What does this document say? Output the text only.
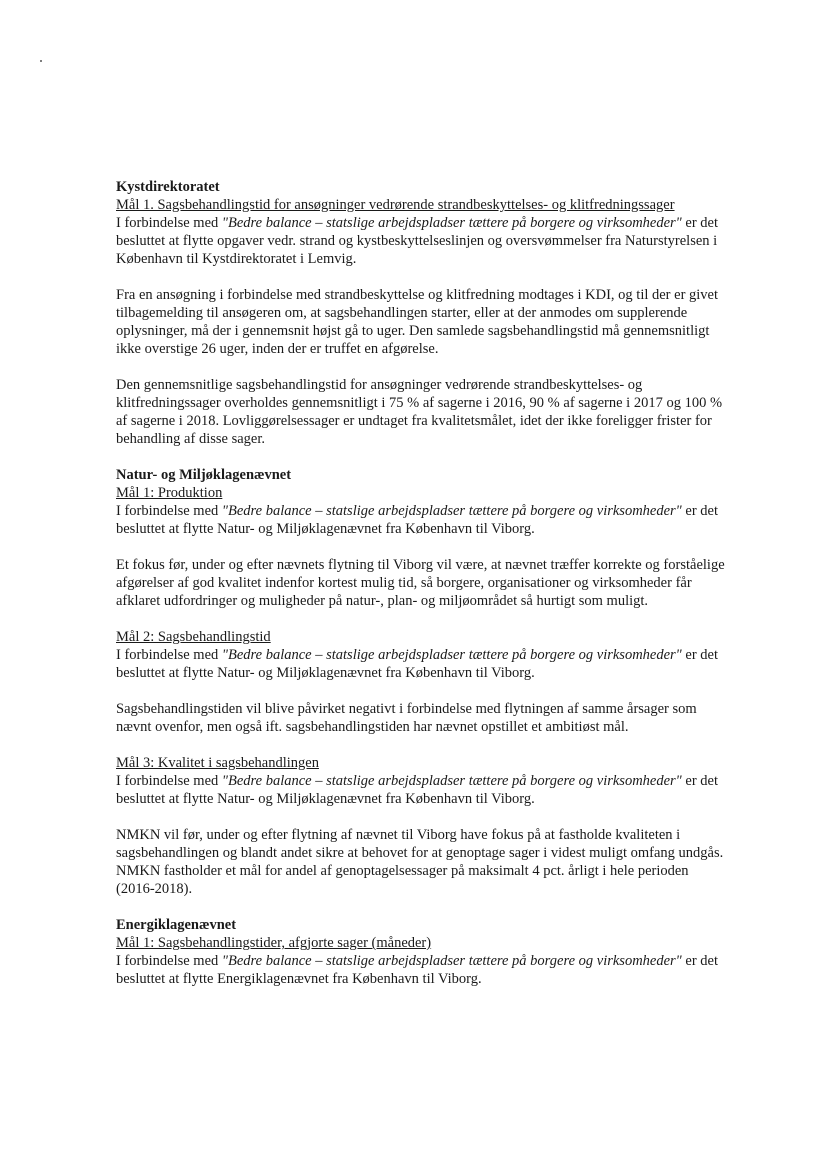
Kystdirektoratet

Mål 1. Sagsbehandlingstid for ansøgninger vedrørende strandbeskyttelses- og klitfredningssager

I forbindelse med "Bedre balance – statslige arbejdspladser tættere på borgere og virksomheder" er det besluttet at flytte opgaver vedr. strand og kystbeskyttelseslinjen og oversvømmelser fra Naturstyrelsen i København til Kystdirektoratet i Lemvig.

Fra en ansøgning i forbindelse med strandbeskyttelse og klitfredning modtages i KDI, og til der er givet tilbagemelding til ansøgeren om, at sagsbehandlingen starter, eller at der anmodes om supplerende oplysninger, må der i gennemsnit højst gå to uger. Den samlede sagsbehandlingstid må gennemsnitligt ikke overstige 26 uger, inden der er truffet en afgørelse.

Den gennemsnitlige sagsbehandlingstid for ansøgninger vedrørende strandbeskyttelses- og klitfredningssager overholdes gennemsnitligt i 75 % af sagerne i 2016, 90 % af sagerne i 2017 og 100 % af sagerne i 2018. Lovliggørelsessager er undtaget fra kvalitetsmålet, idet der ikke foreligger frister for behandling af disse sager.

Natur- og Miljøklagenævnet

Mål 1: Produktion

I forbindelse med "Bedre balance – statslige arbejdspladser tættere på borgere og virksomheder" er det besluttet at flytte Natur- og Miljøklagenævnet fra København til Viborg.

Et fokus før, under og efter nævnets flytning til Viborg vil være, at nævnet træffer korrekte og forståelige afgørelser af god kvalitet indenfor kortest mulig tid, så borgere, organisationer og virksomheder får afklaret udfordringer og muligheder på natur-, plan- og miljøområdet så hurtigt som muligt.

Mål 2: Sagsbehandlingstid

I forbindelse med "Bedre balance – statslige arbejdspladser tættere på borgere og virksomheder" er det besluttet at flytte Natur- og Miljøklagenævnet fra København til Viborg.

Sagsbehandlingstiden vil blive påvirket negativt i forbindelse med flytningen af samme årsager som nævnt ovenfor, men også ift. sagsbehandlingstiden har nævnet opstillet et ambitiøst mål.

Mål 3: Kvalitet i sagsbehandlingen

I forbindelse med "Bedre balance – statslige arbejdspladser tættere på borgere og virksomheder" er det besluttet at flytte Natur- og Miljøklagenævnet fra København til Viborg.

NMKN vil før, under og efter flytning af nævnet til Viborg have fokus på at fastholde kvaliteten i sagsbehandlingen og blandt andet sikre at behovet for at genoptage sager i videst muligt omfang undgås. NMKN fastholder et mål for andel af genoptagelsessager på maksimalt 4 pct. årligt i hele perioden (2016-2018).

Energiklagenævnet

Mål 1: Sagsbehandlingstider, afgjorte sager (måneder)

I forbindelse med "Bedre balance – statslige arbejdspladser tættere på borgere og virksomheder" er det besluttet at flytte Energiklagenævnet fra København til Viborg.
